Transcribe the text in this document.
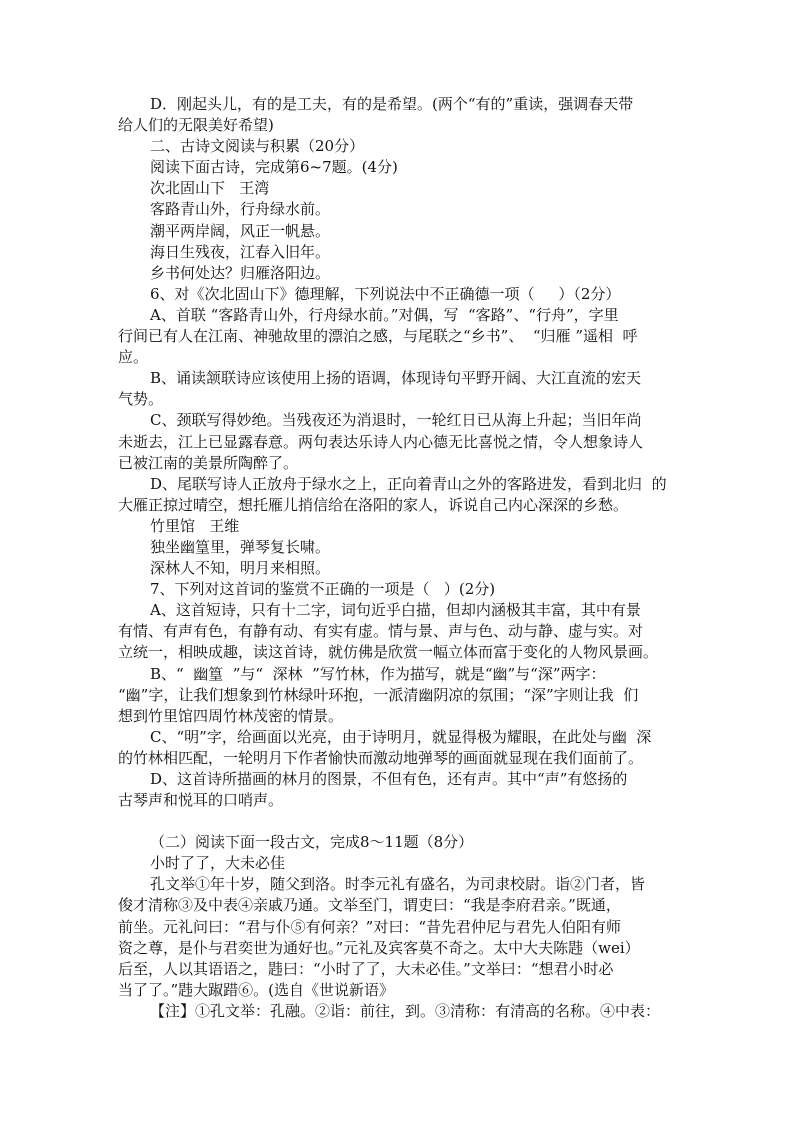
D．刚起头儿，有的是工夫，有的是希望。(两个“有的”重读，强调春天带

给人们的无限美好希望)

二、古诗文阅读与积累（20分）

阅读下面古诗，完成第6~7题。(4分)

次北固山下   王湾

客路青山外，行舟绿水前。

潮平两岸阔，风正一帆悬。

海日生残夜，江春入旧年。

乡书何处达？归雁洛阳边。

6、对《次北固山下》德理解，下列说法中不正确德一项（     ）（2分）

A、首联 “客路青山外，行舟绿水前。”对偶，写  “客路”、“行舟”，字里

行间已有人在江南、神驰故里的漂泊之感，与尾联之“乡书”、  “归雁 ”遥相  呼

应。

B、诵读颔联诗应该使用上扬的语调，体现诗句平野开阔、大江直流的宏天

气势。

C、颈联写得妙绝。当残夜还为消退时，一轮红日已从海上升起；当旧年尚

未逝去，江上已显露春意。两句表达乐诗人内心德无比喜悦之情，令人想象诗人

已被江南的美景所陶醉了。

D、尾联写诗人正放舟于绿水之上，正向着青山之外的客路进发，看到北归  的

大雁正掠过晴空，想托雁儿捎信给在洛阳的家人，诉说自己内心深深的乡愁。

竹里馆   王维

独坐幽篁里，弹琴复长啸。

深林人不知，明月来相照。

7、下列对这首词的鉴赏不正确的一项是（   ）(2分)

A、这首短诗，只有十二字，词句近乎白描，但却内涵极其丰富，其中有景

有情、有声有色，有静有动、有实有虚。情与景、声与色、动与静、虚与实。对

立统一，相映成趣，读这首诗，就仿佛是欣赏一幅立体而富于变化的人物风景画。

B、“  幽篁  ”与“  深林  ”写竹林，作为描写，就是“幽”与“深”两字：

“幽”字，让我们想象到竹林绿叶环抱，一派清幽阴凉的氛围；“深”字则让我  们

想到竹里馆四周竹林茂密的情景。

C、“明”字，给画面以光亮，由于诗明月，就显得极为耀眼，在此处与幽  深

的竹林相匹配，一轮明月下作者愉快而激动地弹琴的画面就显现在我们面前了。

D、这首诗所描画的林月的图景，不但有色，还有声。其中“声”有悠扬的

古琴声和悦耳的口哨声。

（二）阅读下面一段古文，完成8～11题（8分）

小时了了，大未必佳

孔文举①年十岁，随父到洛。时李元礼有盛名，为司隶校尉。诣②门者，皆

俊才清称③及中表④亲戚乃通。文举至门，谓吏曰：“我是李府君亲。”既通，

前坐。元礼问曰：“君与仆⑤有何亲？”对曰：“昔先君仲尼与君先人伯阳有师

资之尊，是仆与君奕世为通好也。”元礼及宾客莫不奇之。太中大夫陈韪（wei）

后至，人以其语语之，韪曰：“小时了了，大未必佳。”文举曰：“想君小时必

当了了。”韪大踧踖⑥。(选自《世说新语》

【注】①孔文举：孔融。②诣：前往，到。③清称：有清高的名称。④中表：
